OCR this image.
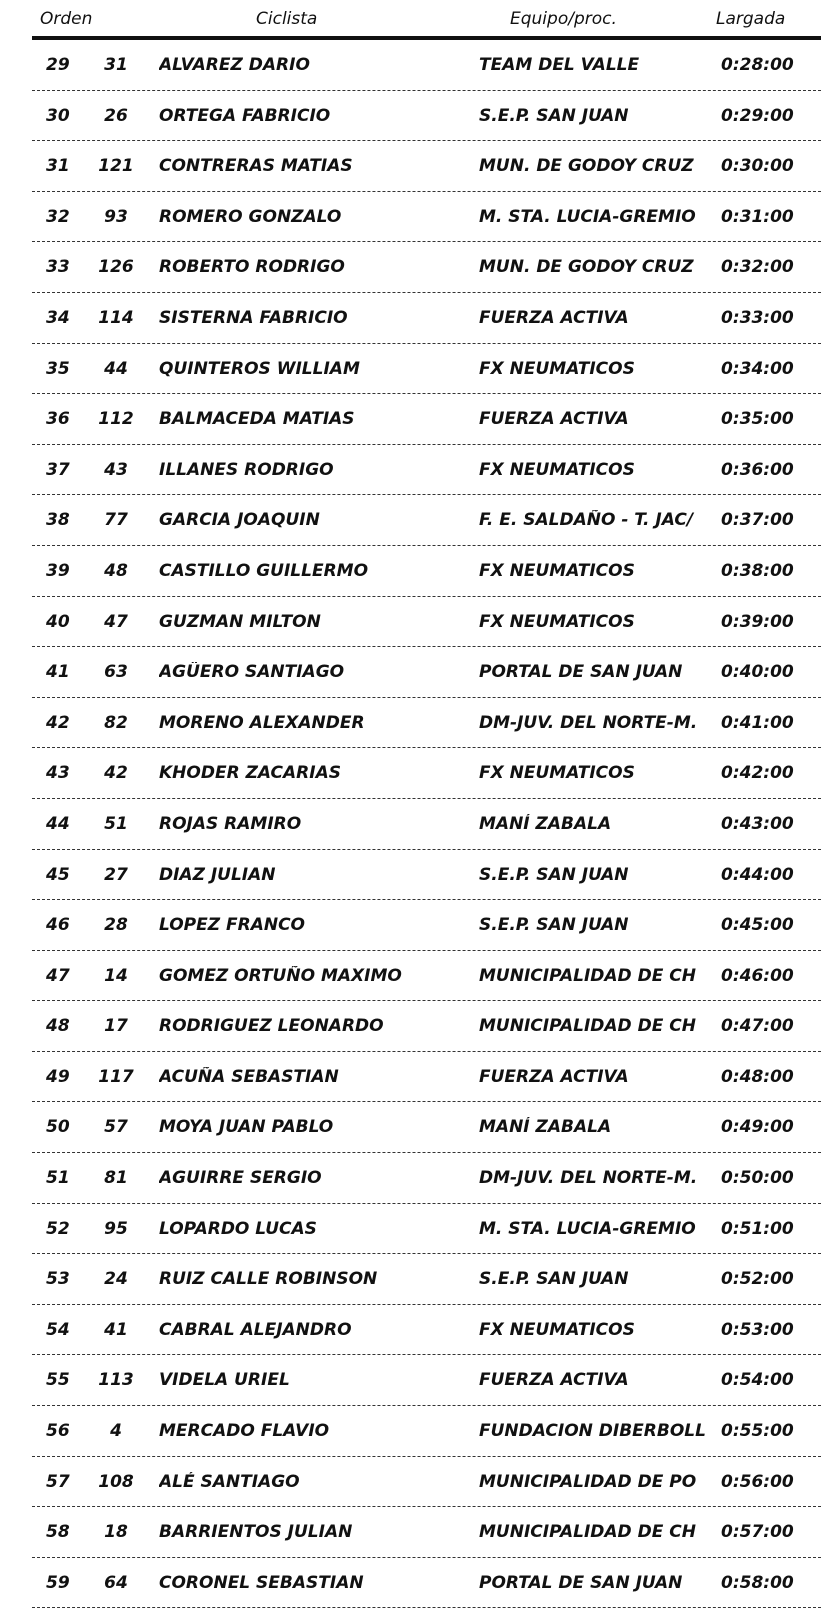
Orden	Ciclista	Equipo/proc.	Largada
29	31	ALVAREZ DARIO	TEAM DEL VALLE	0:28:00
30	26	ORTEGA FABRICIO	S.E.P. SAN JUAN	0:29:00
31 121 CONTRERAS MATIAS	MUN. DE GODOY CRUZ	0:30:00
32	93	ROMERO GONZALO	M. STA. LUCIA-GREMIO	0:31:00
33 126 ROBERTO RODRIGO	MUN. DE GODOY CRUZ	0:32:00
34 114 SISTERNA FABRICIO	FUERZA ACTIVA	0:33:00
35	44	QUINTEROS WILLIAM	FX NEUMATICOS	0:34:00
36 112 BALMACEDA MATIAS	FUERZA ACTIVA	0:35:00
37	43	ILLANES RODRIGO	FX NEUMATICOS	0:36:00
38	77	GARCIA JOAQUIN	F. E. SALDAÑO - T. JAC/	0:37:00
39	48	CASTILLO GUILLERMO	FX NEUMATICOS	0:38:00
40	47	GUZMAN MILTON	FX NEUMATICOS	0:39:00
41	63	AGÜERO SANTIAGO	PORTAL DE SAN JUAN	0:40:00
42	82	MORENO ALEXANDER	DM-JUV. DEL NORTE-M.	0:41:00
43	42	KHODER ZACARIAS	FX NEUMATICOS	0:42:00
44	51	ROJAS RAMIRO	MANÍ ZABALA	0:43:00
45	27	DIAZ JULIAN	S.E.P. SAN JUAN	0:44:00
46	28	LOPEZ FRANCO	S.E.P. SAN JUAN	0:45:00
47	14	GOMEZ ORTUÑO MAXIMO	MUNICIPALIDAD DE CH	0:46:00
48	17	RODRIGUEZ LEONARDO	MUNICIPALIDAD DE CH	0:47:00
49 117 ACUÑA SEBASTIAN	FUERZA ACTIVA	0:48:00
50	57	MOYA JUAN PABLO	MANÍ ZABALA	0:49:00
51	81	AGUIRRE SERGIO	DM-JUV. DEL NORTE-M.	0:50:00
52	95	LOPARDO LUCAS	M. STA. LUCIA-GREMIO	0:51:00
53	24	RUIZ CALLE ROBINSON	S.E.P. SAN JUAN	0:52:00
54	41	CABRAL ALEJANDRO	FX NEUMATICOS	0:53:00
55 113 VIDELA URIEL	FUERZA ACTIVA	0:54:00
56	4	MERCADO FLAVIO	FUNDACION DIBERBOLL 0:55:00
57 108 ALÉ SANTIAGO	MUNICIPALIDAD DE PO	0:56:00
58	18	BARRIENTOS JULIAN	MUNICIPALIDAD DE CH	0:57:00
59	64	CORONEL SEBASTIAN	PORTAL DE SAN JUAN	0:58:00
